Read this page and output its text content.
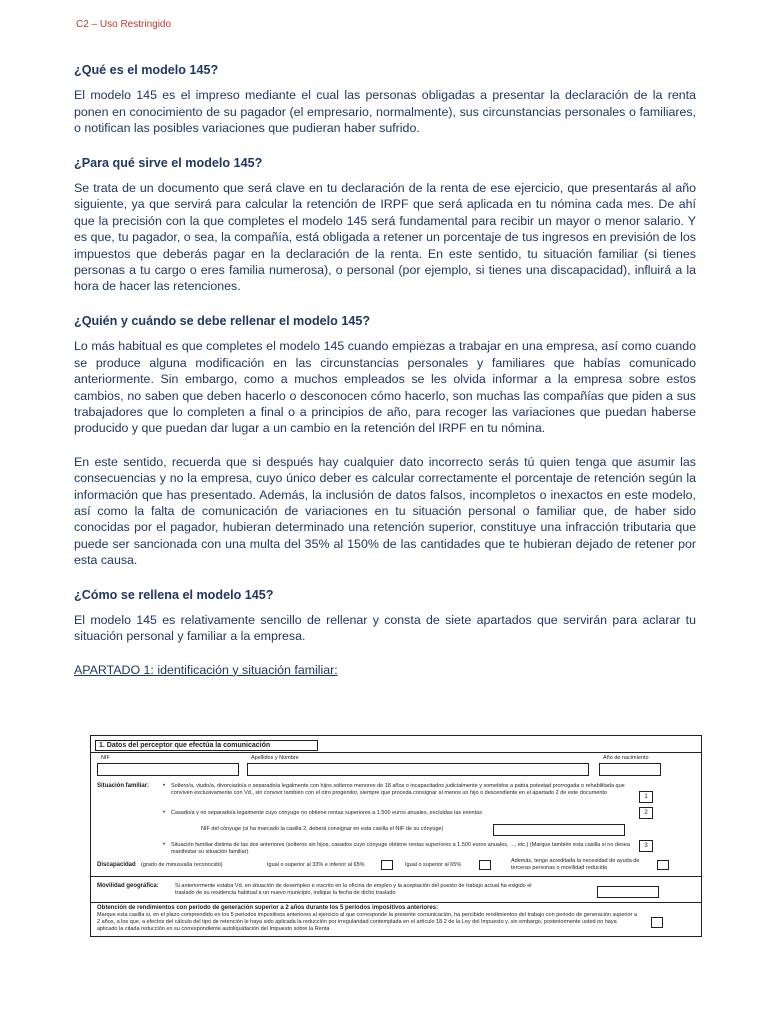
C2 – Uso Restringido
¿Qué es el modelo 145?

El modelo 145 es el impreso mediante el cual las personas obligadas a presentar la declaración de la renta ponen en conocimiento de su pagador (el empresario, normalmente), sus circunstancias personales o familiares, o notifican las posibles variaciones que pudieran haber sufrido.

¿Para qué sirve el modelo 145?

Se trata de un documento que será clave en tu declaración de la renta de ese ejercicio, que presentarás al año siguiente, ya que servirá para calcular la retención de IRPF que será aplicada en tu nómina cada mes. De ahí que la precisión con la que completes el modelo 145 será fundamental para recibir un mayor o menor salario. Y es que, tu pagador, o sea, la compañía, está obligada a retener un porcentaje de tus ingresos en previsión de los impuestos que deberás pagar en la declaración de la renta. En este sentido, tu situación familiar (si tienes personas a tu cargo o eres familia numerosa), o personal (por ejemplo, si tienes una discapacidad), influirá a la hora de hacer las retenciones.

¿Quién y cuándo se debe rellenar el modelo 145?

Lo más habitual es que completes el modelo 145 cuando empiezas a trabajar en una empresa, así como cuando se produce alguna modificación en las circunstancias personales y familiares que habías comunicado anteriormente. Sin embargo, como a muchos empleados se les olvida informar a la empresa sobre estos cambios, no saben que deben hacerlo o desconocen cómo hacerlo, son muchas las compañías que piden a sus trabajadores que lo completen a final o a principios de año, para recoger las variaciones que puedan haberse producido y que puedan dar lugar a un cambio en la retención del IRPF en tu nómina.

En este sentido, recuerda que si después hay cualquier dato incorrecto serás tú quien tenga que asumir las consecuencias y no la empresa, cuyo único deber es calcular correctamente el porcentaje de retención según la información que has presentado. Además, la inclusión de datos falsos, incompletos o inexactos en este modelo, así como la falta de comunicación de variaciones en tu situación personal o familiar que, de haber sido conocidas por el pagador, hubieran determinado una retención superior, constituye una infracción tributaria que puede ser sancionada con una multa del 35% al 150% de las cantidades que te hubieran dejado de retener por esta causa.

¿Cómo se rellena el modelo 145?

El modelo 145 es relativamente sencillo de rellenar y consta de siete apartados que servirán para aclarar tu situación personal y familiar a la empresa.

APARTADO 1: identificación y situación familiar:
1. Datos del perceptor que efectúa la comunicación
NIF	Apellidos y Nombre	Año de nacimiento
Situación familiar: • Soltero/a, viudo/a, divorciado/a o separado/a legalmente con hijos solteros menores de 18 años o incapacitados judicialmente y sometidos a patria potestad prorrogada o rehabilitada que conviven exclusivamente con Vd., sin convivir también con el otro progenitor, siempre que proceda consignar al menos un hijo o descendiente en el apartado 2 de este documento
1
• Casado/a y no separado/a legalmente cuyo cónyuge no obtiene rentas superiores a 1.500 euros anuales, excluidas las exentas	2
NIF del cónyuge (si ha marcado la casilla 2, deberá consignar en esta casilla el NIF de su cónyuge)
• Situación familiar distinta de las dos anteriores (solteros sin hijos, casados cuyo cónyuge obtiene rentas superiores a 1.500 euros anuales, ..., etc.) (Marque también esta casilla si no desea manifestar su situación familiar).
3
Discapacidad (grado de minusvalía reconocido)	Igual o superior al 33% e inferior al 65%	Igual o superior al 65%
Además, tengo acreditada la necesidad de ayuda de terceras personas o movilidad reducida
Movilidad geográfica:	Si anteriormente estaba Vd. en situación de desempleo e inscrito en la oficina de empleo y la aceptación del puesto de trabajo actual ha exigido el traslado de su residencia habitual a un nuevo municipio, indique la fecha de dicho traslado
Obtención de rendimientos con periodo de generación superior a 2 años durante los 5 periodos impositivos anteriores:
Marque esta casilla si, en el plazo comprendido en los 5 periodos impositivos anteriores al ejercicio al que corresponde la presente comunicación, ha percibido rendimientos del trabajo con periodo de generación superior a 2 años, a los que, a efectos del cálculo del tipo de retención le haya sido aplicada la reducción por irregularidad contemplada en el artículo 18.2 de la Ley del Impuesto y, sin embargo, posteriormente usted no haya aplicado la citada reducción en su correspondiente autoliquidación del Impuesto sobre la Renta
